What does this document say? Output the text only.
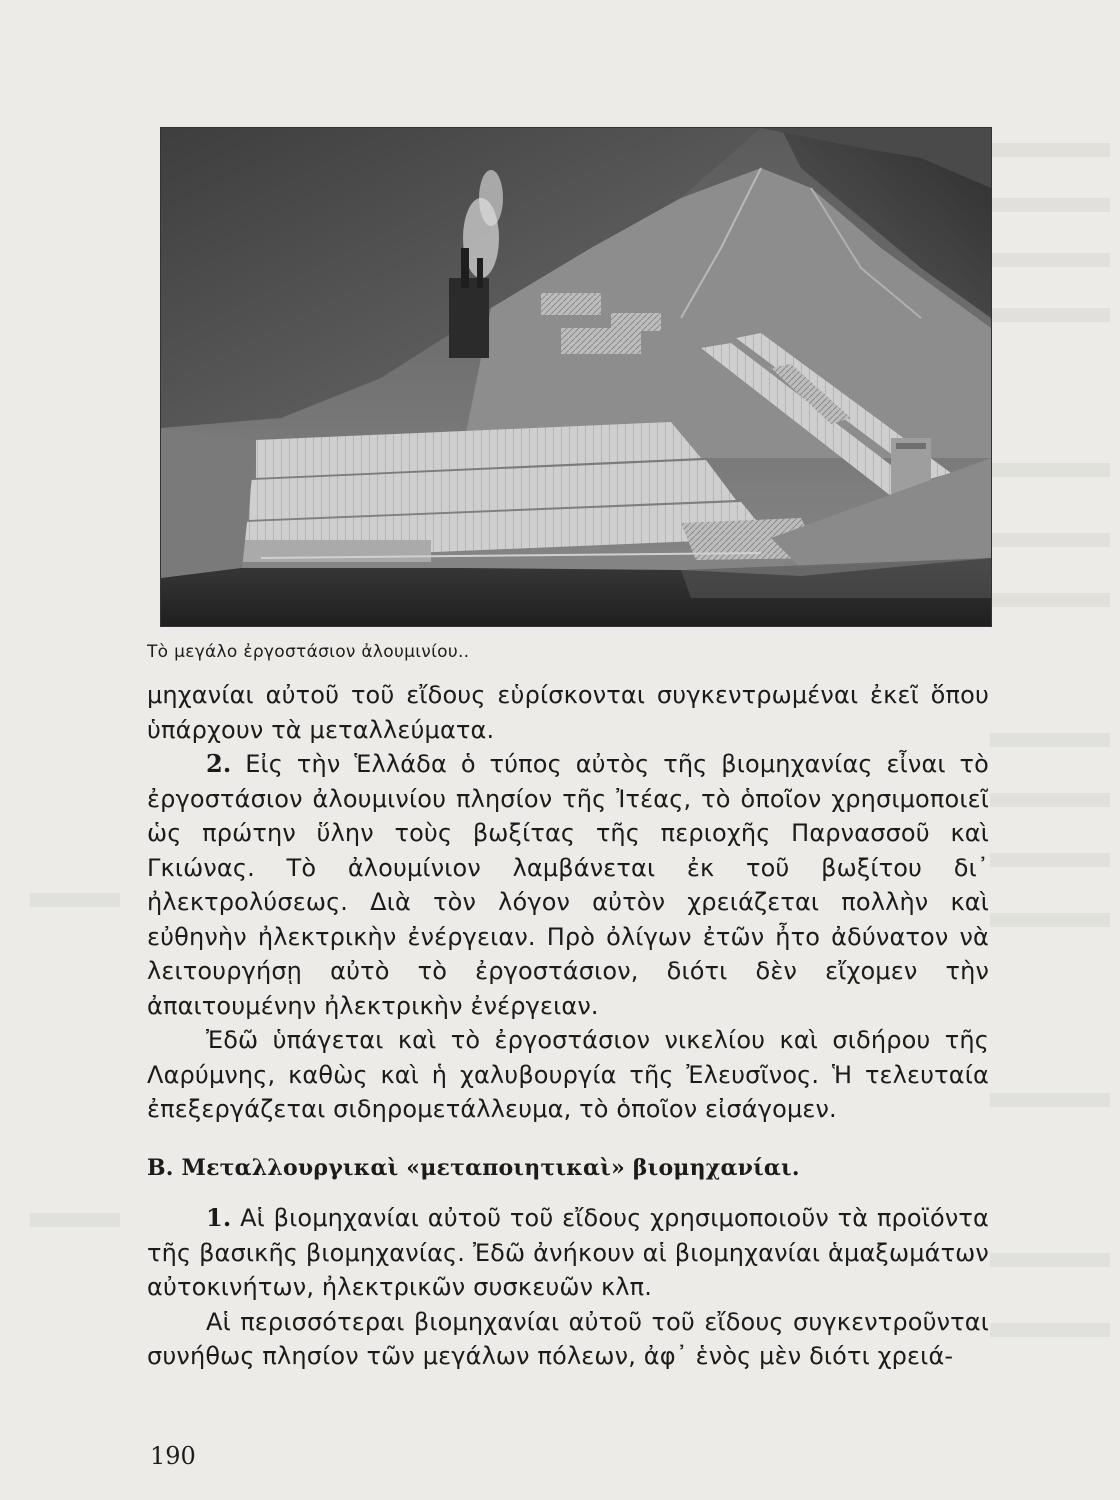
Τὸ μεγάλο ἐργοστάσιον ἀλουμινίου..

μηχανίαι αὐτοῦ τοῦ εἴδους εὑρίσκονται συγκεντρωμέναι ἐκεῖ ὅπου ὑπάρχουν τὰ μεταλλεύματα.

2. Εἰς τὴν Ἑλλάδα ὁ τύπος αὐτὸς τῆς βιομηχανίας εἶναι τὸ ἐργοστάσιον ἀλουμινίου πλησίον τῆς Ἰτέας, τὸ ὁποῖον χρησιμοποιεῖ ὡς πρώτην ὕλην τοὺς βωξίτας τῆς περιοχῆς Παρνασσοῦ καὶ Γκιώνας. Τὸ ἀλουμίνιον λαμβάνεται ἐκ τοῦ βωξίτου δι᾽ ἠλεκτρολύσεως. Διὰ τὸν λόγον αὐτὸν χρειάζεται πολλὴν καὶ εὐθηνὴν ἠλεκτρικὴν ἐνέργειαν. Πρὸ ὀλίγων ἐτῶν ἦτο ἀδύνατον νὰ λειτουργήσῃ αὐτὸ τὸ ἐργοστάσιον, διότι δὲν εἴχομεν τὴν ἀπαιτουμένην ἠλεκτρικὴν ἐνέργειαν.

Ἐδῶ ὑπάγεται καὶ τὸ ἐργοστάσιον νικελίου καὶ σιδήρου τῆς Λαρύμνης, καθὼς καὶ ἡ χαλυβουργία τῆς Ἐλευσῖνος. Ἡ τελευταία ἐπεξεργάζεται σιδηρομετάλλευμα, τὸ ὁποῖον εἰσάγομεν.

Β. Μεταλλουργικαὶ «μεταποιητικαὶ» βιομηχανίαι.

1. Αἱ βιομηχανίαι αὐτοῦ τοῦ εἴδους χρησιμοποιοῦν τὰ προϊόντα τῆς βασικῆς βιομηχανίας. Ἐδῶ ἀνήκουν αἱ βιομηχανίαι ἁμαξωμάτων αὐτοκινήτων, ἠλεκτρικῶν συσκευῶν κλπ.

Αἱ περισσότεραι βιομηχανίαι αὐτοῦ τοῦ εἴδους συγκεντροῦνται συνήθως πλησίον τῶν μεγάλων πόλεων, ἀφ᾽ ἑνὸς μὲν διότι χρειά-

190
